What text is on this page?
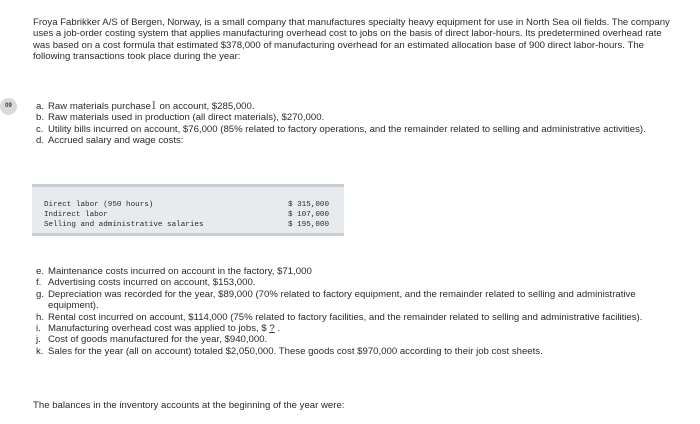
Froya Fabrikker A/S of Bergen, Norway, is a small company that manufactures specialty heavy equipment for use in North Sea oil fields. The company uses a job-order costing system that applies manufacturing overhead cost to jobs on the basis of direct labor-hours. Its predetermined overhead rate was based on a cost formula that estimated $378,000 of manufacturing overhead for an estimated allocation base of 900 direct labor-hours. The following transactions took place during the year:
09	a. Raw materials purchaseI on account, $285,000.
b. Raw materials used in production (all direct materials), $270,000.
c. Utility bills incurred on account, $76,000 (85% related to factory operations, and the remainder related to selling and administrative activities).
d. Accrued salary and wage costs:
Direct labor (950 hours)	$ 315,000
Indirect labor	$ 107,000
Selling and administrative salaries	$ 195,000
e. Maintenance costs incurred on account in the factory, $71,000
f. Advertising costs incurred on account, $153,000.
g. Depreciation was recorded for the year, $89,000 (70% related to factory equipment, and the remainder related to selling and administrative equipment).
h. Rental cost incurred on account, $114,000 (75% related to factory facilities, and the remainder related to selling and administrative facilities).
i. Manufacturing overhead cost was applied to jobs, $ ? .
j. Cost of goods manufactured for the year, $940,000.
k. Sales for the year (all on account) totaled $2,050,000. These goods cost $970,000 according to their job cost sheets.
The balances in the inventory accounts at the beginning of the year were:
